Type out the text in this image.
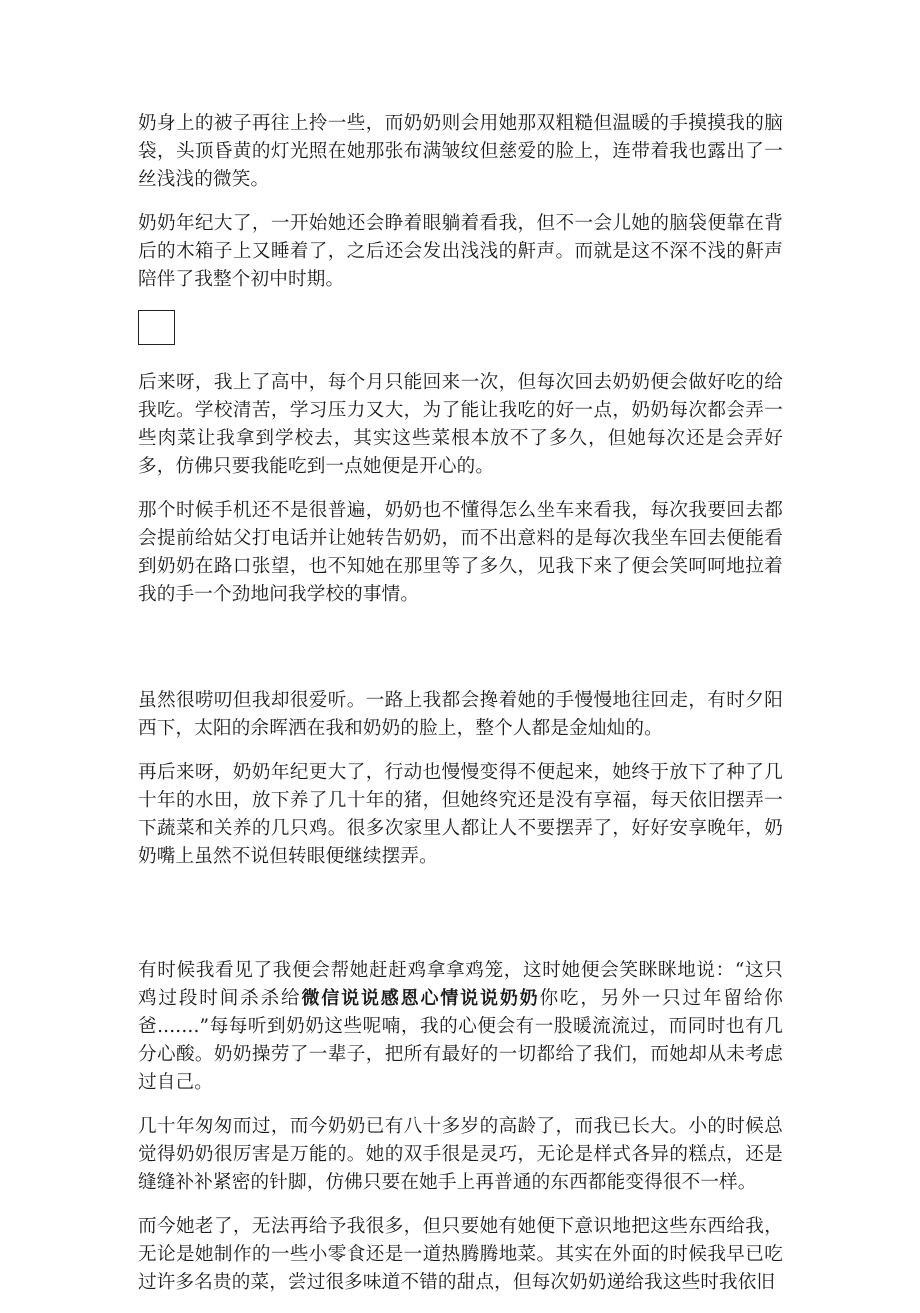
奶身上的被子再往上拎一些，而奶奶则会用她那双粗糙但温暖的手摸摸我的脑袋，头顶昏黄的灯光照在她那张布满皱纹但慈爱的脸上，连带着我也露出了一丝浅浅的微笑。

奶奶年纪大了，一开始她还会睁着眼躺着看我，但不一会儿她的脑袋便靠在背后的木箱子上又睡着了，之后还会发出浅浅的鼾声。而就是这不深不浅的鼾声陪伴了我整个初中时期。

后来呀，我上了高中，每个月只能回来一次，但每次回去奶奶便会做好吃的给我吃。学校清苦，学习压力又大，为了能让我吃的好一点，奶奶每次都会弄一些肉菜让我拿到学校去，其实这些菜根本放不了多久，但她每次还是会弄好多，仿佛只要我能吃到一点她便是开心的。

那个时候手机还不是很普遍，奶奶也不懂得怎么坐车来看我，每次我要回去都会提前给姑父打电话并让她转告奶奶，而不出意料的是每次我坐车回去便能看到奶奶在路口张望，也不知她在那里等了多久，见我下来了便会笑呵呵地拉着我的手一个劲地问我学校的事情。

虽然很唠叨但我却很爱听。一路上我都会搀着她的手慢慢地往回走，有时夕阳西下，太阳的余晖洒在我和奶奶的脸上，整个人都是金灿灿的。

再后来呀，奶奶年纪更大了，行动也慢慢变得不便起来，她终于放下了种了几十年的水田，放下养了几十年的猪，但她终究还是没有享福，每天依旧摆弄一下蔬菜和关养的几只鸡。很多次家里人都让人不要摆弄了，好好安享晚年，奶奶嘴上虽然不说但转眼便继续摆弄。

有时候我看见了我便会帮她赶赶鸡拿拿鸡笼，这时她便会笑眯眯地说：“这只鸡过段时间杀杀给微信说说感恩心情说说奶奶你吃，另外一只过年留给你爸.......”每每听到奶奶这些呢喃，我的心便会有一股暖流流过，而同时也有几分心酸。奶奶操劳了一辈子，把所有最好的一切都给了我们，而她却从未考虑过自己。

几十年匆匆而过，而今奶奶已有八十多岁的高龄了，而我已长大。小的时候总觉得奶奶很厉害是万能的。她的双手很是灵巧，无论是样式各异的糕点，还是缝缝补补紧密的针脚，仿佛只要在她手上再普通的东西都能变得很不一样。

而今她老了，无法再给予我很多，但只要她有她便下意识地把这些东西给我，无论是她制作的一些小零食还是一道热腾腾地菜。其实在外面的时候我早已吃过许多名贵的菜，尝过很多味道不错的甜点，但每次奶奶递给我这些时我依旧
